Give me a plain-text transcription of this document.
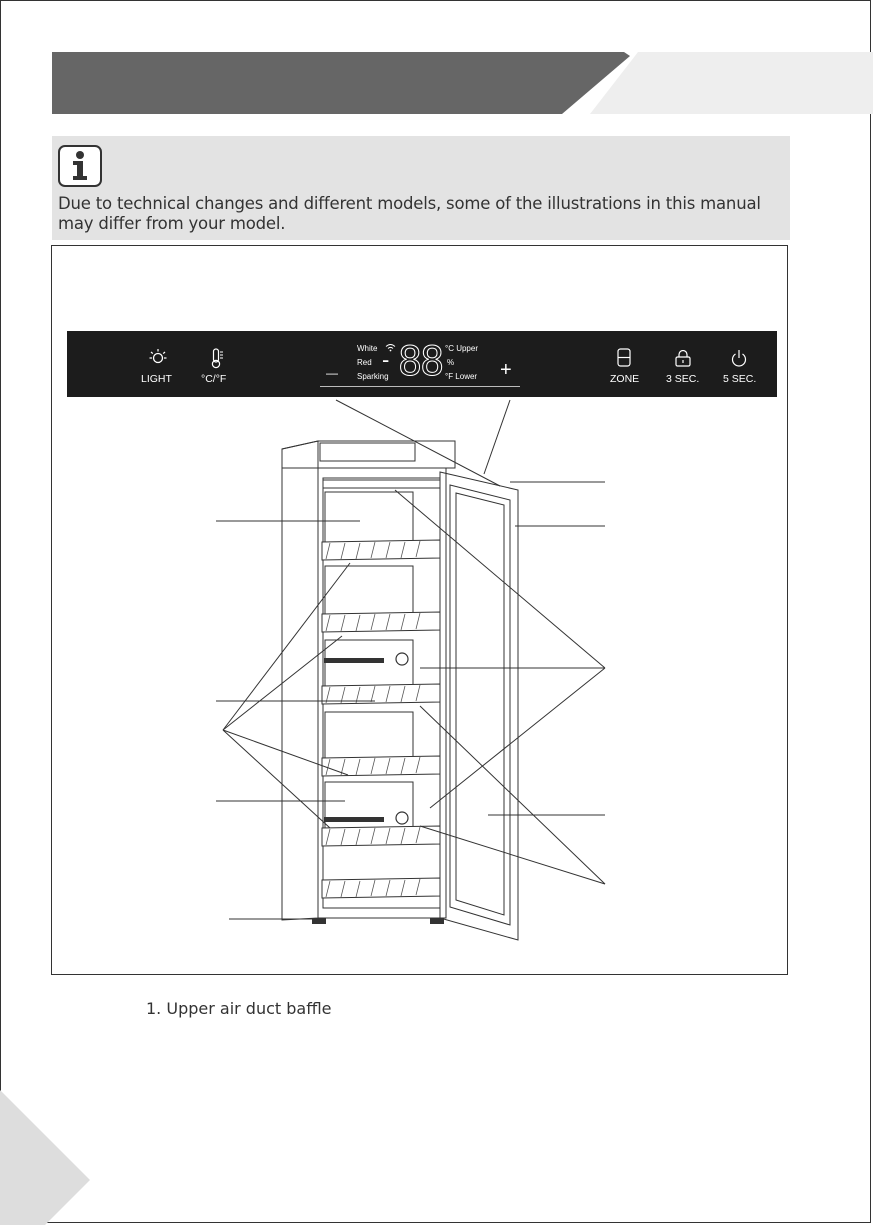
Due to technical changes and different models, some of the illustrations in this manual may differ from your model.
LIGHT	°C/°F	—
White
Red
Sparking
- 88 °C Upper
%
°F Lower +	ZONE	3 SEC. 5 SEC.
1. Upper air duct baffle
